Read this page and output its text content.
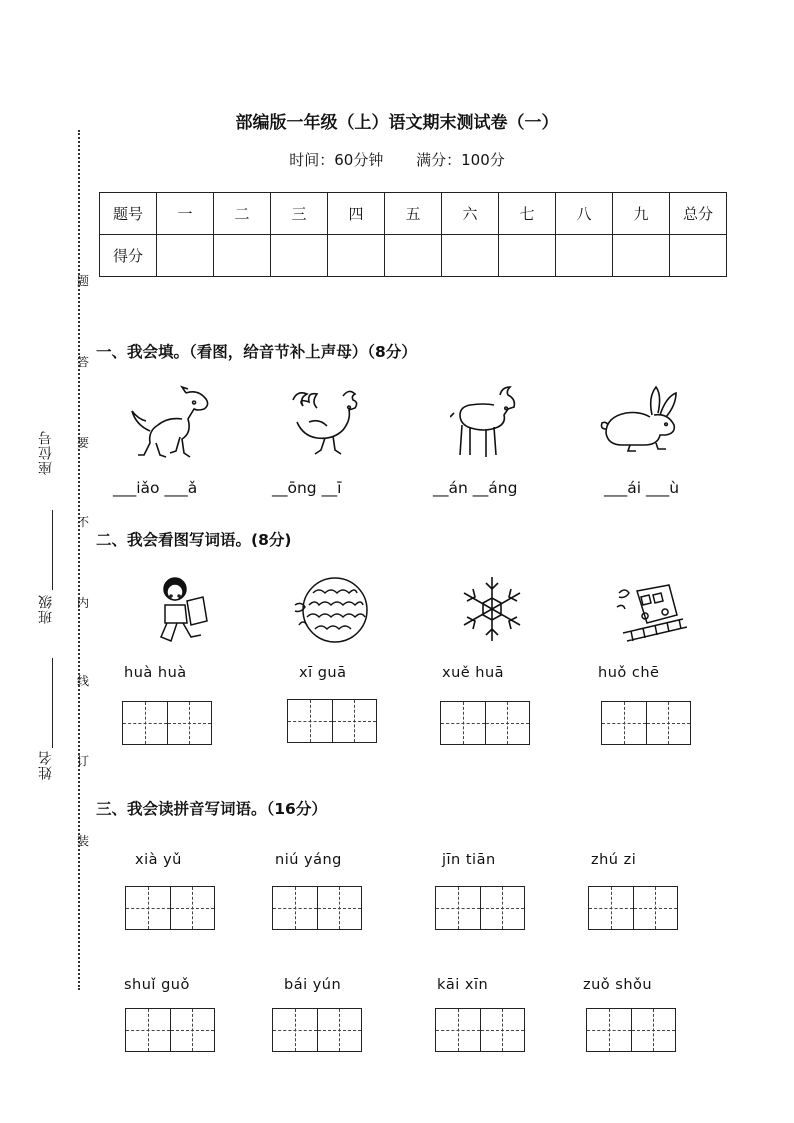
题
答
要
不
内
线
订
装
座位号
班级
姓名
部编版一年级（上）语文期末测试卷（一）
时间：60分钟 满分：100分
题号	一	二	三	四	五	六	七	八	九	总分
得分										
一、我会填。（看图，给音节补上声母）（8分）
___iǎo ___ǎ	__ōng __ī	__án __áng	___ái ___ù
二、我会看图写词语。(8分)
huà huà	xī guā	xuě huā	huǒ chē
三、我会读拼音写词语。（16分）
xià yǔ	niú yáng	jīn tiān	zhú zi
shuǐ guǒ	bái yún	kāi xīn	zuǒ shǒu
